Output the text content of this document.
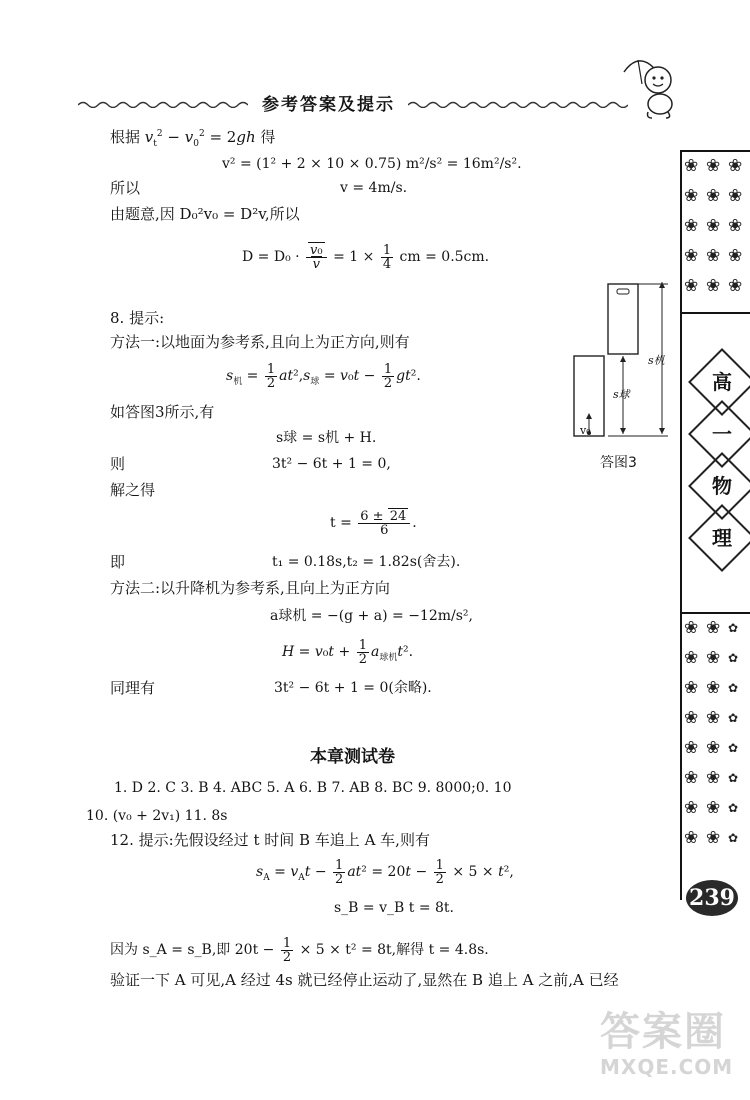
参考答案及提示
根据 $v_t^2 - v_0^2 = 2gh$ 得
v² = (1² + 2 × 10 × 0.75) m²/s² = 16m²/s².
所以	v = 4m/s.
由题意,因 D₀²v₀ = D²v,所以
$D = D_0 \cdot \frac{\text{v₀}}{v} = 1 \times \frac{1}{4}$ cm = 0.5cm.
8. 提示:
方法一:以地面为参考系,且向上为正方向,则有
$s_机 = \frac{1}{2} at^2,s_球 = v_0t - \frac{1}{2} gt^2$.
如答图3所示,有
s球 = s机 + H.
则	3t² − 6t + 1 = 0,
解之得
$t = \frac{6 \pm 24}{6}$ .
即	t₁ = 0.18s,t₂ = 1.82s(舍去).
方法二:以升降机为参考系,且向上为正方向
a球机 = −(g + a) = −12m/s²,
$H = v_0t + \frac{1}{2} a_{球机}t^2$.
同理有	3t² − 6t + 1 = 0(余略).
v₀
s球
s机
答图3
本章测试卷
1. D 2. C 3. B 4. ABC 5. A 6. B 7. AB 8. BC 9. 8000;0. 10
10. (v₀ + 2v₁) 11. 8s
12. 提示:先假设经过 t 时间 B 车追上 A 车,则有
$s_A = v_At - \frac{1}{2} at^2 = 20t - \frac{1}{2} \times 5 \times t^2$,
s_B = v_B t = 8t.
因为 s_A = s_B,即 $20t - \frac{1}{2} \times 5 \times t^2 = 8t$,解得 t = 4.8s.
验证一下 A 可见,A 经过 4s 就已经停止运动了,显然在 B 追上 A 之前,A 已经
❀ ❀ ❀
❀ ❀ ❀
❀ ❀ ❀
❀ ❀ ❀
❀ ❀ ❀
高
一
物
理
❀ ❀ ✿
❀ ❀ ✿
❀ ❀ ✿
❀ ❀ ✿
❀ ❀ ✿
❀ ❀ ✿
❀ ❀ ✿
❀ ❀ ✿
239
答案圈
MXQE.COM
